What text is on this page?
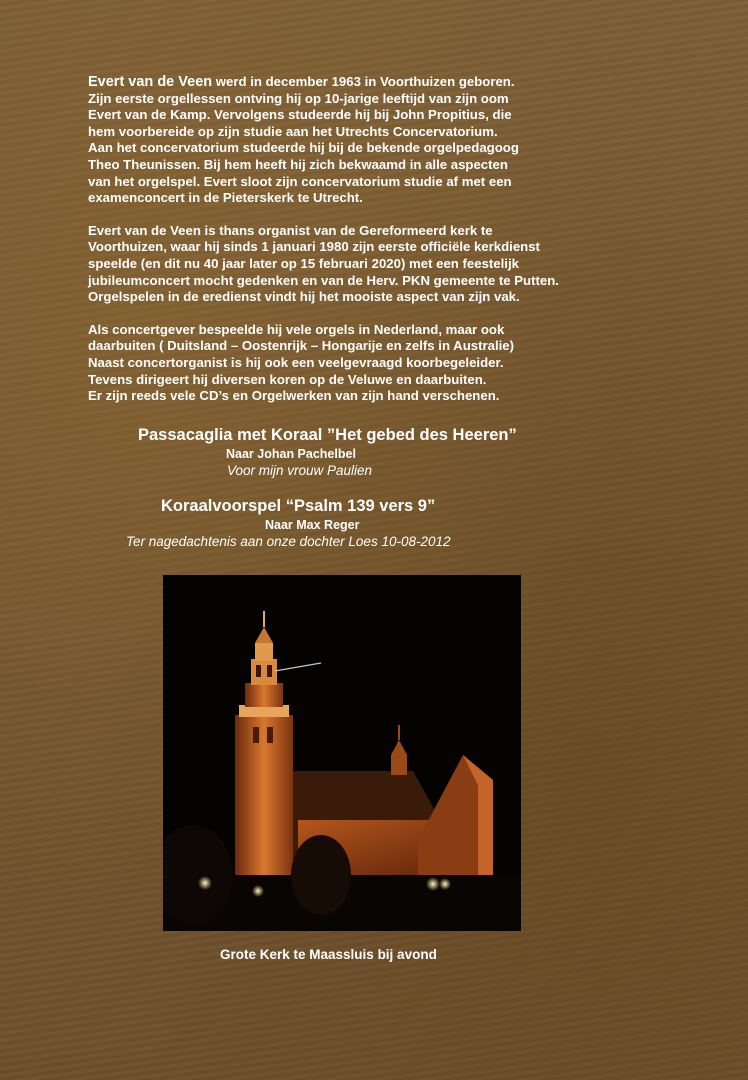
Evert van de Veen werd in december 1963 in Voorthuizen geboren.
Zijn eerste orgellessen ontving hij op 10-jarige leeftijd van zijn oom
Evert van de Kamp. Vervolgens studeerde hij bij John Propitius, die
hem voorbereide op zijn studie aan het Utrechts Concervatorium.
Aan het concervatorium studeerde hij bij de bekende orgelpedagoog
Theo Theunissen. Bij hem heeft hij zich bekwaamd in alle aspecten
van het orgelspel. Evert sloot zijn concervatorium studie af met een
examenconcert in de Pieterskerk te Utrecht.

Evert van de Veen is thans organist van de Gereformeerd kerk te
Voorthuizen, waar hij sinds 1 januari 1980 zijn eerste officiële kerkdienst
speelde (en dit nu 40 jaar later op 15 februari 2020) met een feestelijk
jubileumconcert mocht gedenken en van de Herv. PKN gemeente te Putten.
Orgelspelen in de eredienst vindt hij het mooiste aspect van zijn vak.

Als concertgever bespeelde hij vele orgels in Nederland, maar ook
daarbuiten ( Duitsland – Oostenrijk – Hongarije en zelfs in Australie)
Naast concertorganist is hij ook een veelgevraagd koorbegeleider.
Tevens dirigeert hij diversen koren op de Veluwe en daarbuiten.
Er zijn reeds vele CD’s en Orgelwerken van zijn hand verschenen.

Passacaglia met Koraal ”Het gebed des Heeren”
Naar Johan Pachelbel
Voor mijn vrouw Paulien
Koraalvoorspel “Psalm 139 vers 9”
Naar Max Reger
Ter nagedachtenis aan onze dochter Loes 10-08-2012
Grote Kerk te Maassluis bij avond
